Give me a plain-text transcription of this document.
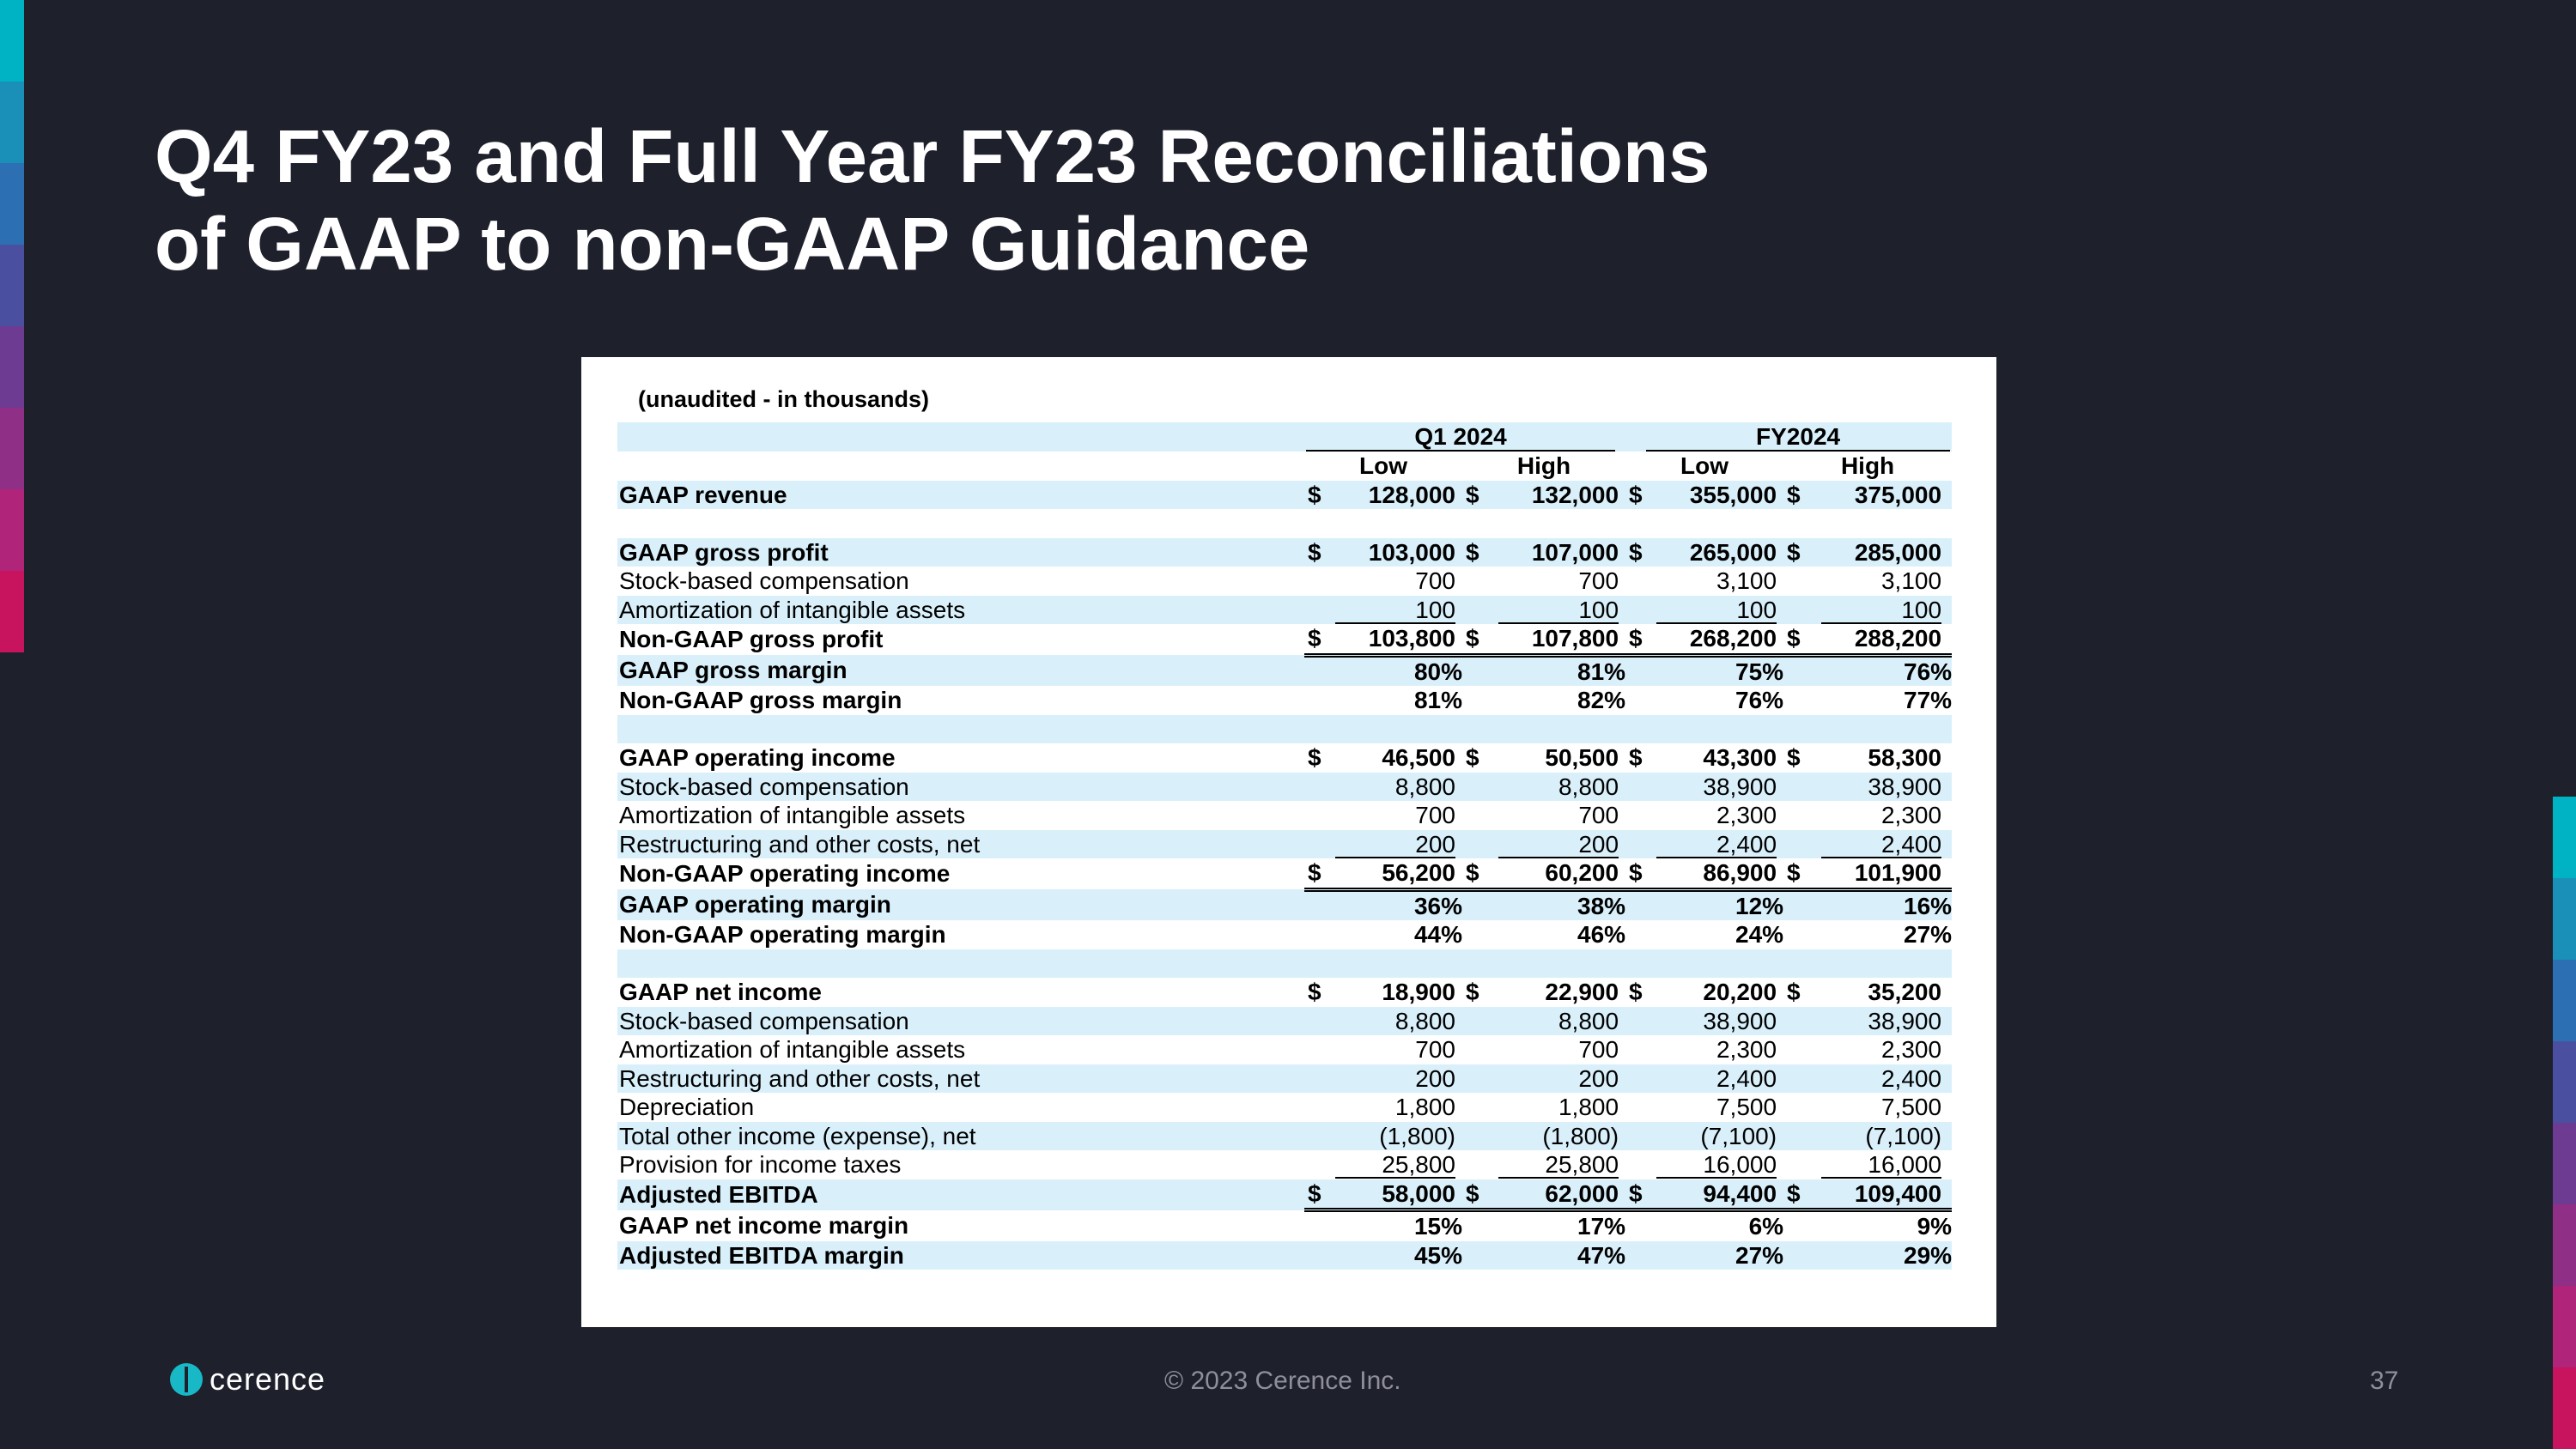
Q4 FY23 and Full Year FY23 Reconciliations
of GAAP to non-GAAP Guidance
(unaudited - in thousands)
	Q1 2024				FY2024			
	Low		High		Low		High	
GAAP revenue	$	128,000	$	132,000	$	355,000	$	375,000

GAAP gross profit	$	103,000	$	107,000	$	265,000	$	285,000
Stock-based compensation		700		700		3,100		3,100
Amortization of intangible assets		100		100		100		100
Non-GAAP gross profit	$	103,800	$	107,800	$	268,200	$	288,200
GAAP gross margin		80%		81%		75%		76%
Non-GAAP gross margin		81%		82%		76%		77%

GAAP operating income	$	46,500	$	50,500	$	43,300	$	58,300
Stock-based compensation		8,800		8,800		38,900		38,900
Amortization of intangible assets		700		700		2,300		2,300
Restructuring and other costs, net		200		200		2,400		2,400
Non-GAAP operating income	$	56,200	$	60,200	$	86,900	$	101,900
GAAP operating margin		36%		38%		12%		16%
Non-GAAP operating margin		44%		46%		24%		27%

GAAP net income	$	18,900	$	22,900	$	20,200	$	35,200
Stock-based compensation		8,800		8,800		38,900		38,900
Amortization of intangible assets		700		700		2,300		2,300
Restructuring and other costs, net		200		200		2,400		2,400
Depreciation		1,800		1,800		7,500		7,500
Total other income (expense), net		(1,800)		(1,800)		(7,100)		(7,100)
Provision for income taxes		25,800		25,800		16,000		16,000
Adjusted EBITDA	$	58,000	$	62,000	$	94,400	$	109,400
GAAP net income margin		15%		17%		6%		9%
Adjusted EBITDA margin		45%		47%		27%		29%
cerence	© 2023 Cerence Inc.	37
